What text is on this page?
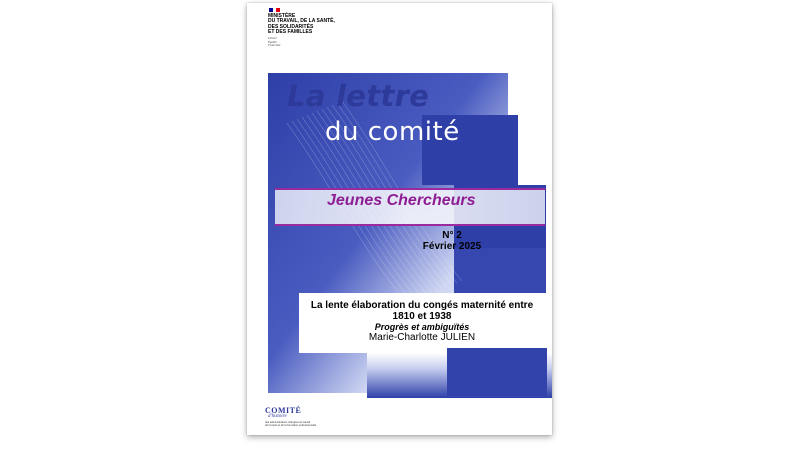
MINISTÈRE
DU TRAVAIL, DE LA SANTÉ,
DES SOLIDARITÉS
ET DES FAMILLES
Liberté
Égalité
Fraternité
La lettre
du comité
Jeunes Chercheurs
N° 2
Février 2025
La lente élaboration du congés maternité entre
1810 et 1938
Progrès et ambiguïtés
Marie-Charlotte JULIEN
COMITÉ
d'histoire
des administrations chargées du travail,
de l'emploi et de la formation professionnelle
